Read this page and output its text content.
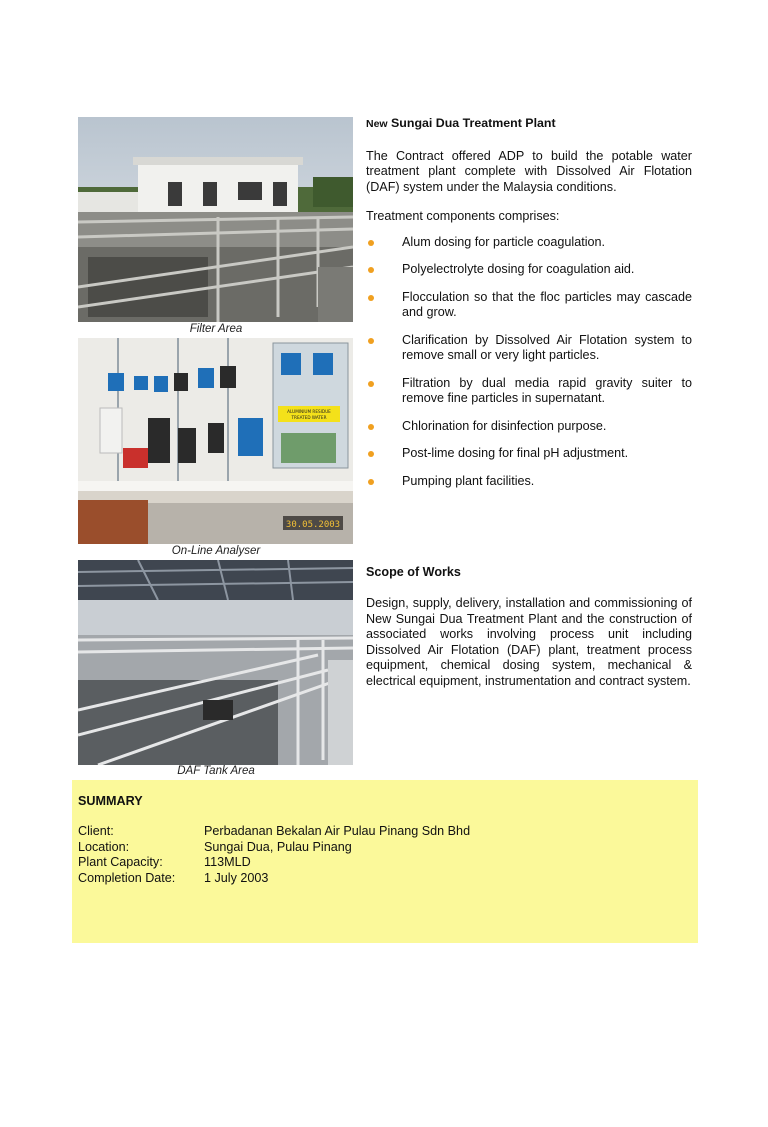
Filter Area
ALUMINIUM RESIDUE
TREATED WATER
30.05.2003
On-Line Analyser
DAF Tank Area
New Sungai Dua Treatment Plant
The Contract offered ADP to build the potable water treatment plant complete with Dissolved Air Flotation (DAF) system under the Malaysia conditions.
Treatment components comprises:
Alum dosing for particle coagulation.
Polyelectrolyte dosing for coagulation aid.
Flocculation so that the floc particles may cascade and grow.
Clarification by Dissolved Air Flotation system to remove small or very light particles.
Filtration by dual media rapid gravity suiter to remove fine particles in supernatant.
Chlorination for disinfection purpose.
Post-lime dosing for final pH adjustment.
Pumping plant facilities.
Scope of Works
Design, supply, delivery, installation and commissioning of New Sungai Dua Treatment Plant and the construction of associated works involving process unit including Dissolved Air Flotation (DAF) plant, treatment process equipment, chemical dosing system, mechanical & electrical equipment, instrumentation and contract system.
SUMMARY
Client:	Perbadanan Bekalan Air Pulau Pinang Sdn Bhd
Location:	Sungai Dua, Pulau Pinang
Plant Capacity:	113MLD
Completion Date:	1 July 2003
